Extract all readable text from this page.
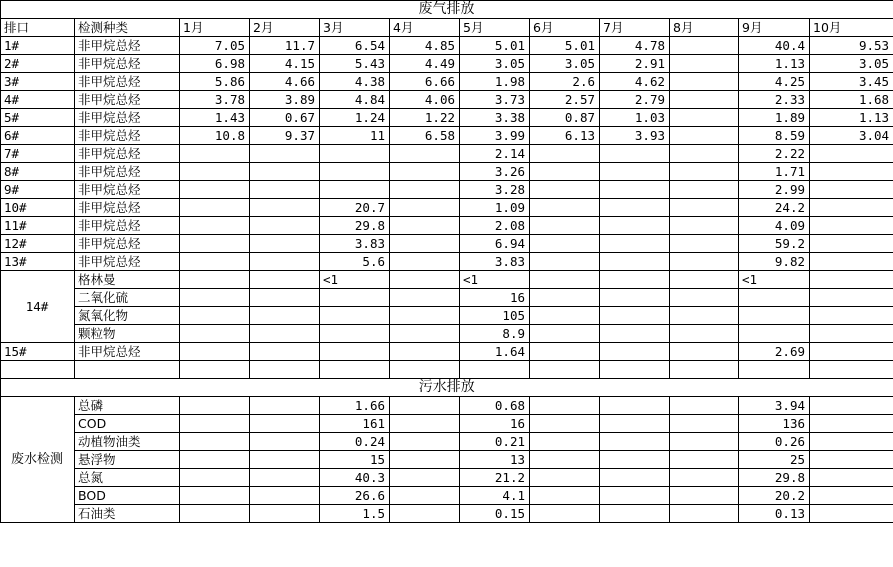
废气排放											
排口	检测种类	1月	2月	3月	4月	5月	6月	7月	8月	9月	10月
1#	非甲烷总烃	7.05	11.7	6.54	4.85	5.01	5.01	4.78		40.4	9.53
2#	非甲烷总烃	6.98	4.15	5.43	4.49	3.05	3.05	2.91		1.13	3.05
3#	非甲烷总烃	5.86	4.66	4.38	6.66	1.98	2.6	4.62		4.25	3.45
4#	非甲烷总烃	3.78	3.89	4.84	4.06	3.73	2.57	2.79		2.33	1.68
5#	非甲烷总烃	1.43	0.67	1.24	1.22	3.38	0.87	1.03		1.89	1.13
6#	非甲烷总烃	10.8	9.37	11	6.58	3.99	6.13	3.93		8.59	3.04
7#	非甲烷总烃					2.14				2.22	
8#	非甲烷总烃					3.26				1.71	
9#	非甲烷总烃					3.28				2.99	
10#	非甲烷总烃			20.7		1.09				24.2	
11#	非甲烷总烃			29.8		2.08				4.09	
12#	非甲烷总烃			3.83		6.94				59.2	
13#	非甲烷总烃			5.6		3.83				9.82	
14#	格林曼			<1		<1				<1	
	二氧化硫					16					
	氮氧化物					105					
	颗粒物					8.9					
15#	非甲烷总烃					1.64				2.69	

污水排放											
废水检测	总磷			1.66		0.68				3.94	
	COD			161		16				136	
	动植物油类			0.24		0.21				0.26	
	悬浮物			15		13				25	
	总氮			40.3		21.2				29.8	
	BOD			26.6		4.1				20.2	
	石油类			1.5		0.15				0.13	
